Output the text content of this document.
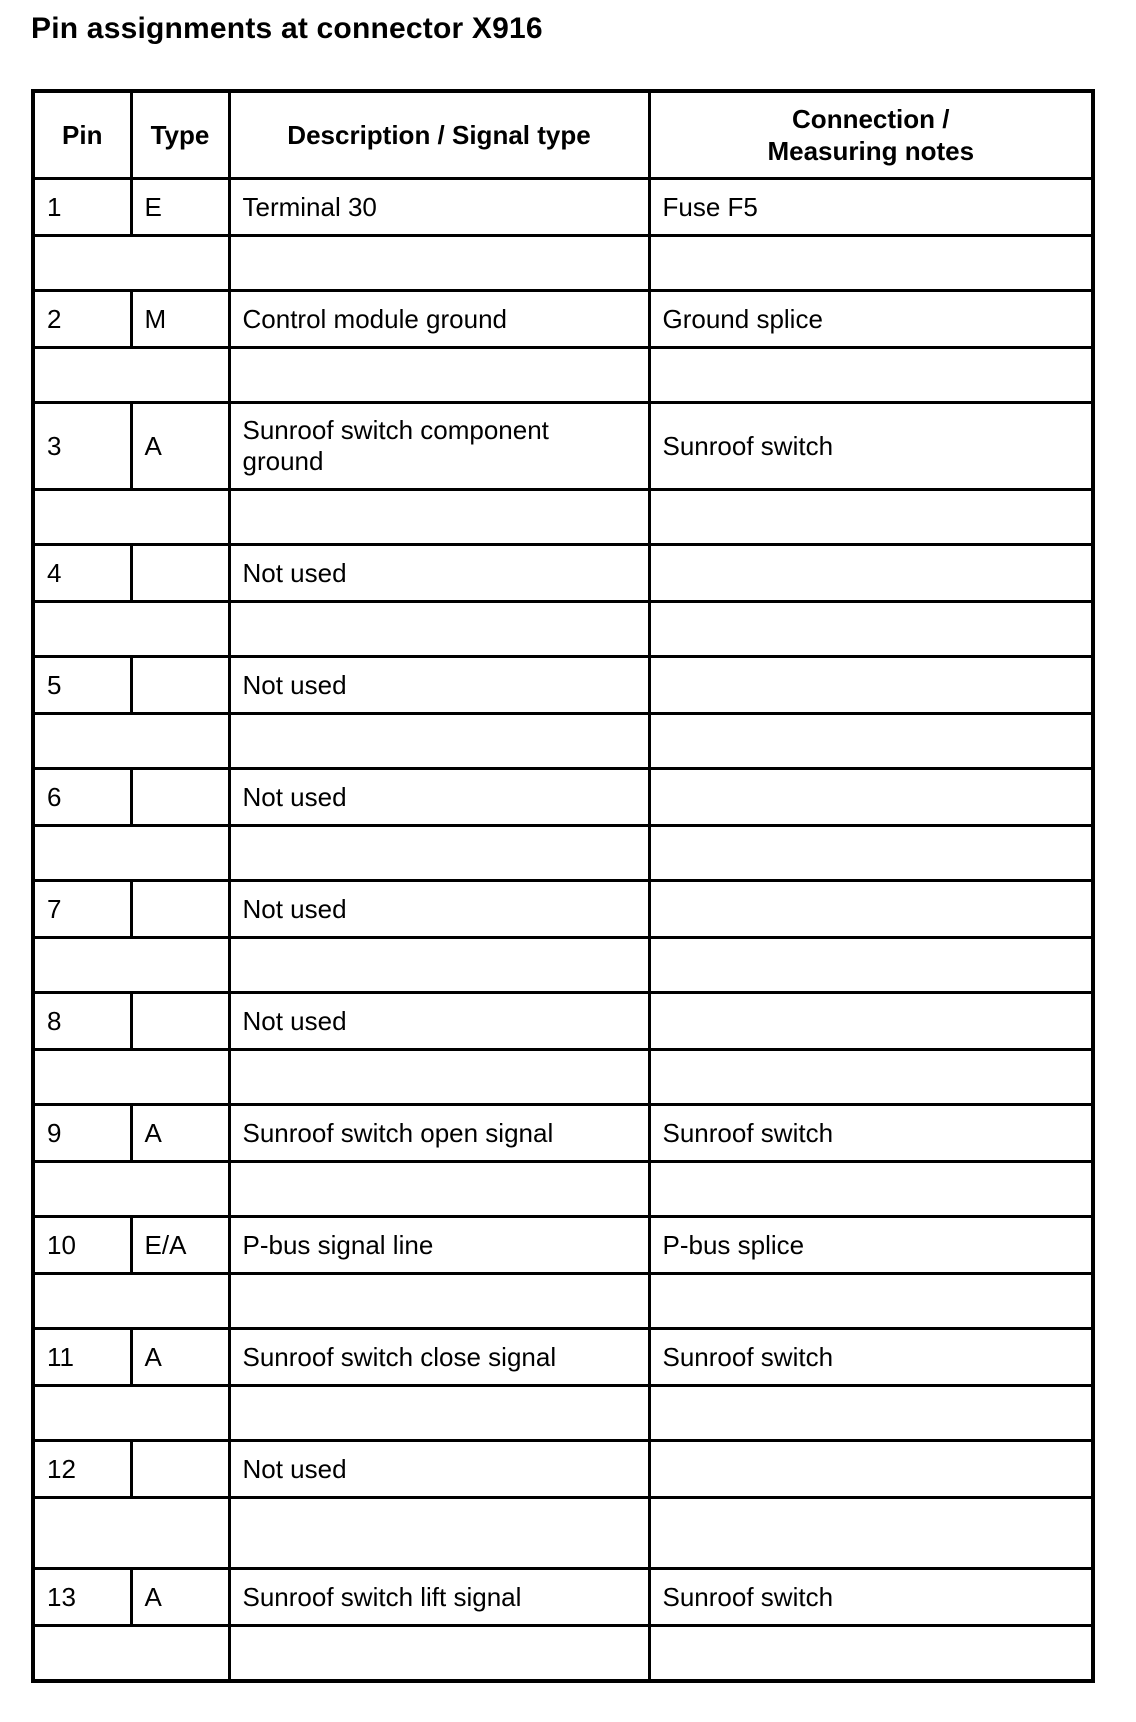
Pin assignments at connector X916
Pin	Type	Description / Signal type	Connection /
Measuring notes
1	E	Terminal 30	Fuse F5

2	M	Control module ground	Ground splice

3	A	Sunroof switch component
ground	Sunroof switch

4		Not used	

5		Not used	

6		Not used	

7		Not used	

8		Not used	

9	A	Sunroof switch open signal	Sunroof switch

10	E/A	P-bus signal line	P-bus splice

11	A	Sunroof switch close signal	Sunroof switch

12		Not used	

13	A	Sunroof switch lift signal	Sunroof switch
